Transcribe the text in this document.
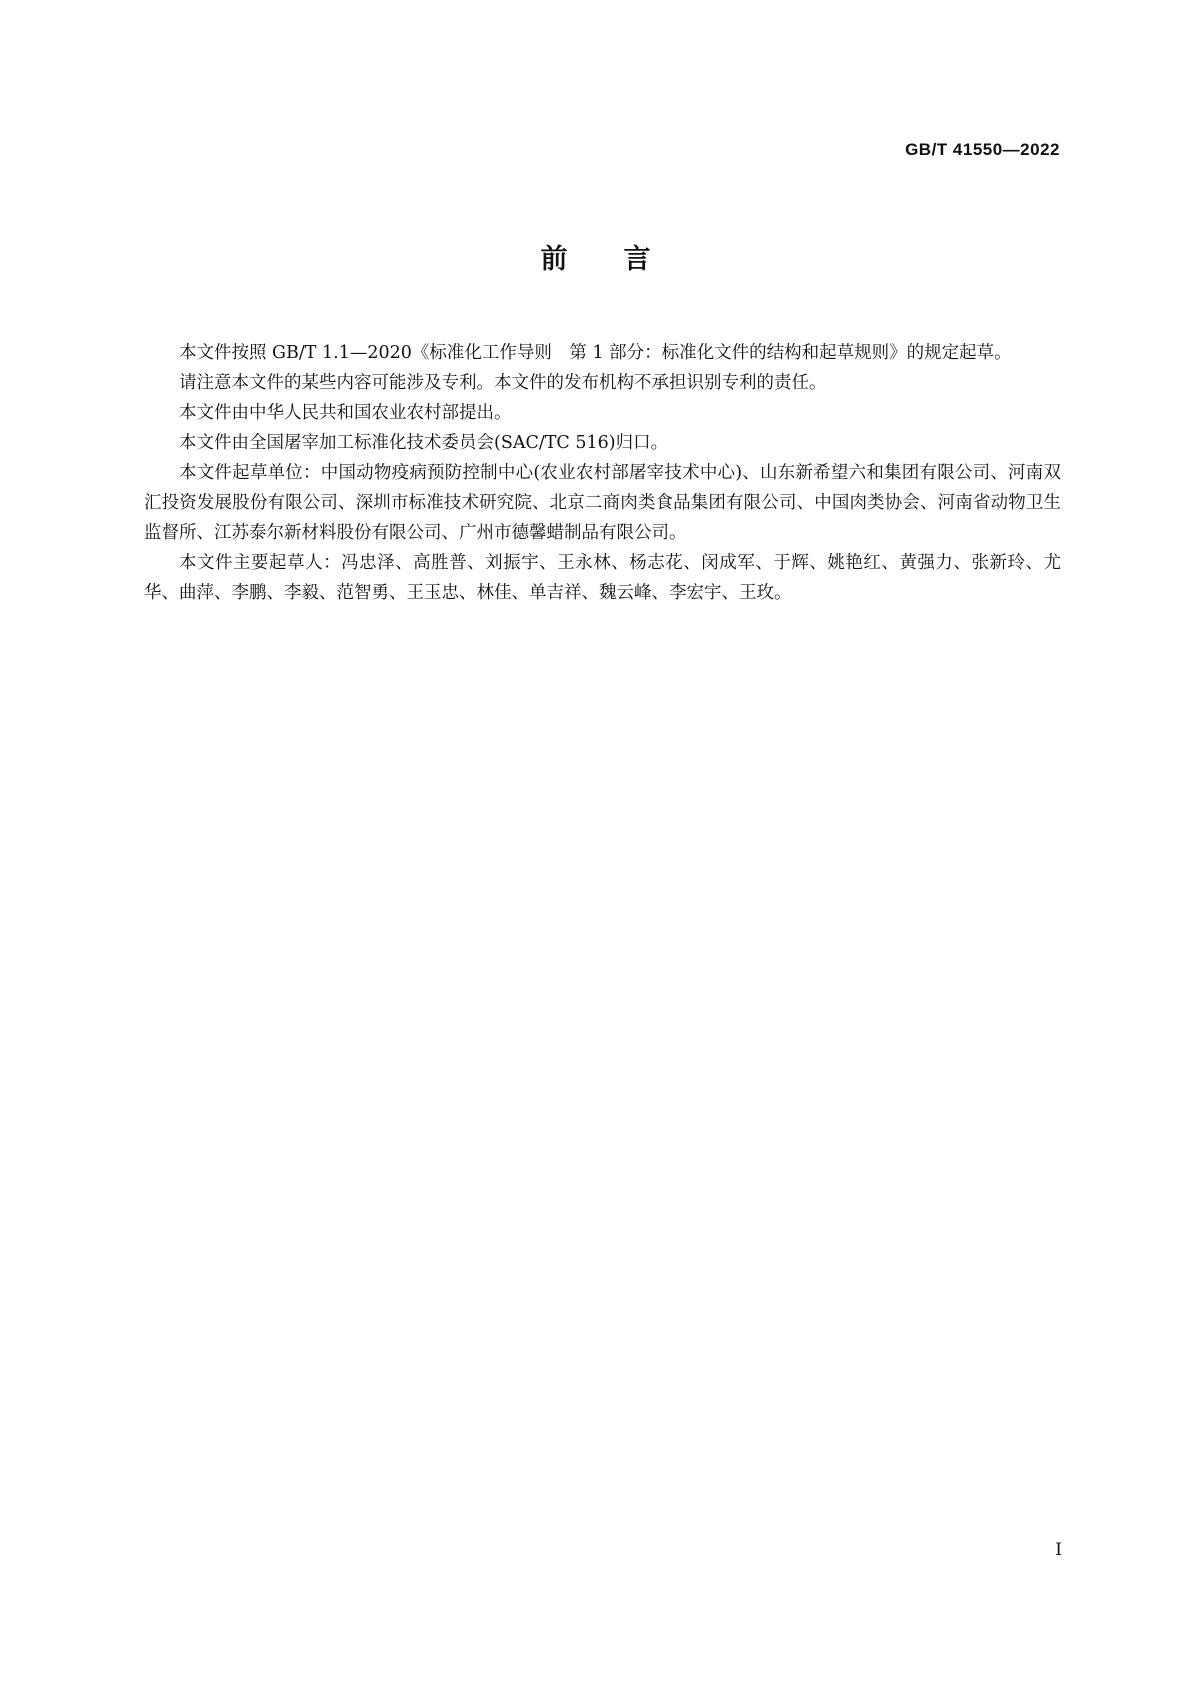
GB/T 41550—2022
前 言

本文件按照 GB/T 1.1—2020《标准化工作导则　第 1 部分：标准化文件的结构和起草规则》的规定起草。

请注意本文件的某些内容可能涉及专利。本文件的发布机构不承担识别专利的责任。

本文件由中华人民共和国农业农村部提出。

本文件由全国屠宰加工标准化技术委员会(SAC/TC 516)归口。

本文件起草单位：中国动物疫病预防控制中心(农业农村部屠宰技术中心)、山东新希望六和集团有限公司、河南双汇投资发展股份有限公司、深圳市标准技术研究院、北京二商肉类食品集团有限公司、中国肉类协会、河南省动物卫生监督所、江苏泰尔新材料股份有限公司、广州市德馨蜡制品有限公司。

本文件主要起草人：冯忠泽、高胜普、刘振宇、王永林、杨志花、闵成军、于辉、姚艳红、黄强力、张新玲、尤华、曲萍、李鹏、李毅、范智勇、王玉忠、林佳、单吉祥、魏云峰、李宏宇、王玫。

I
